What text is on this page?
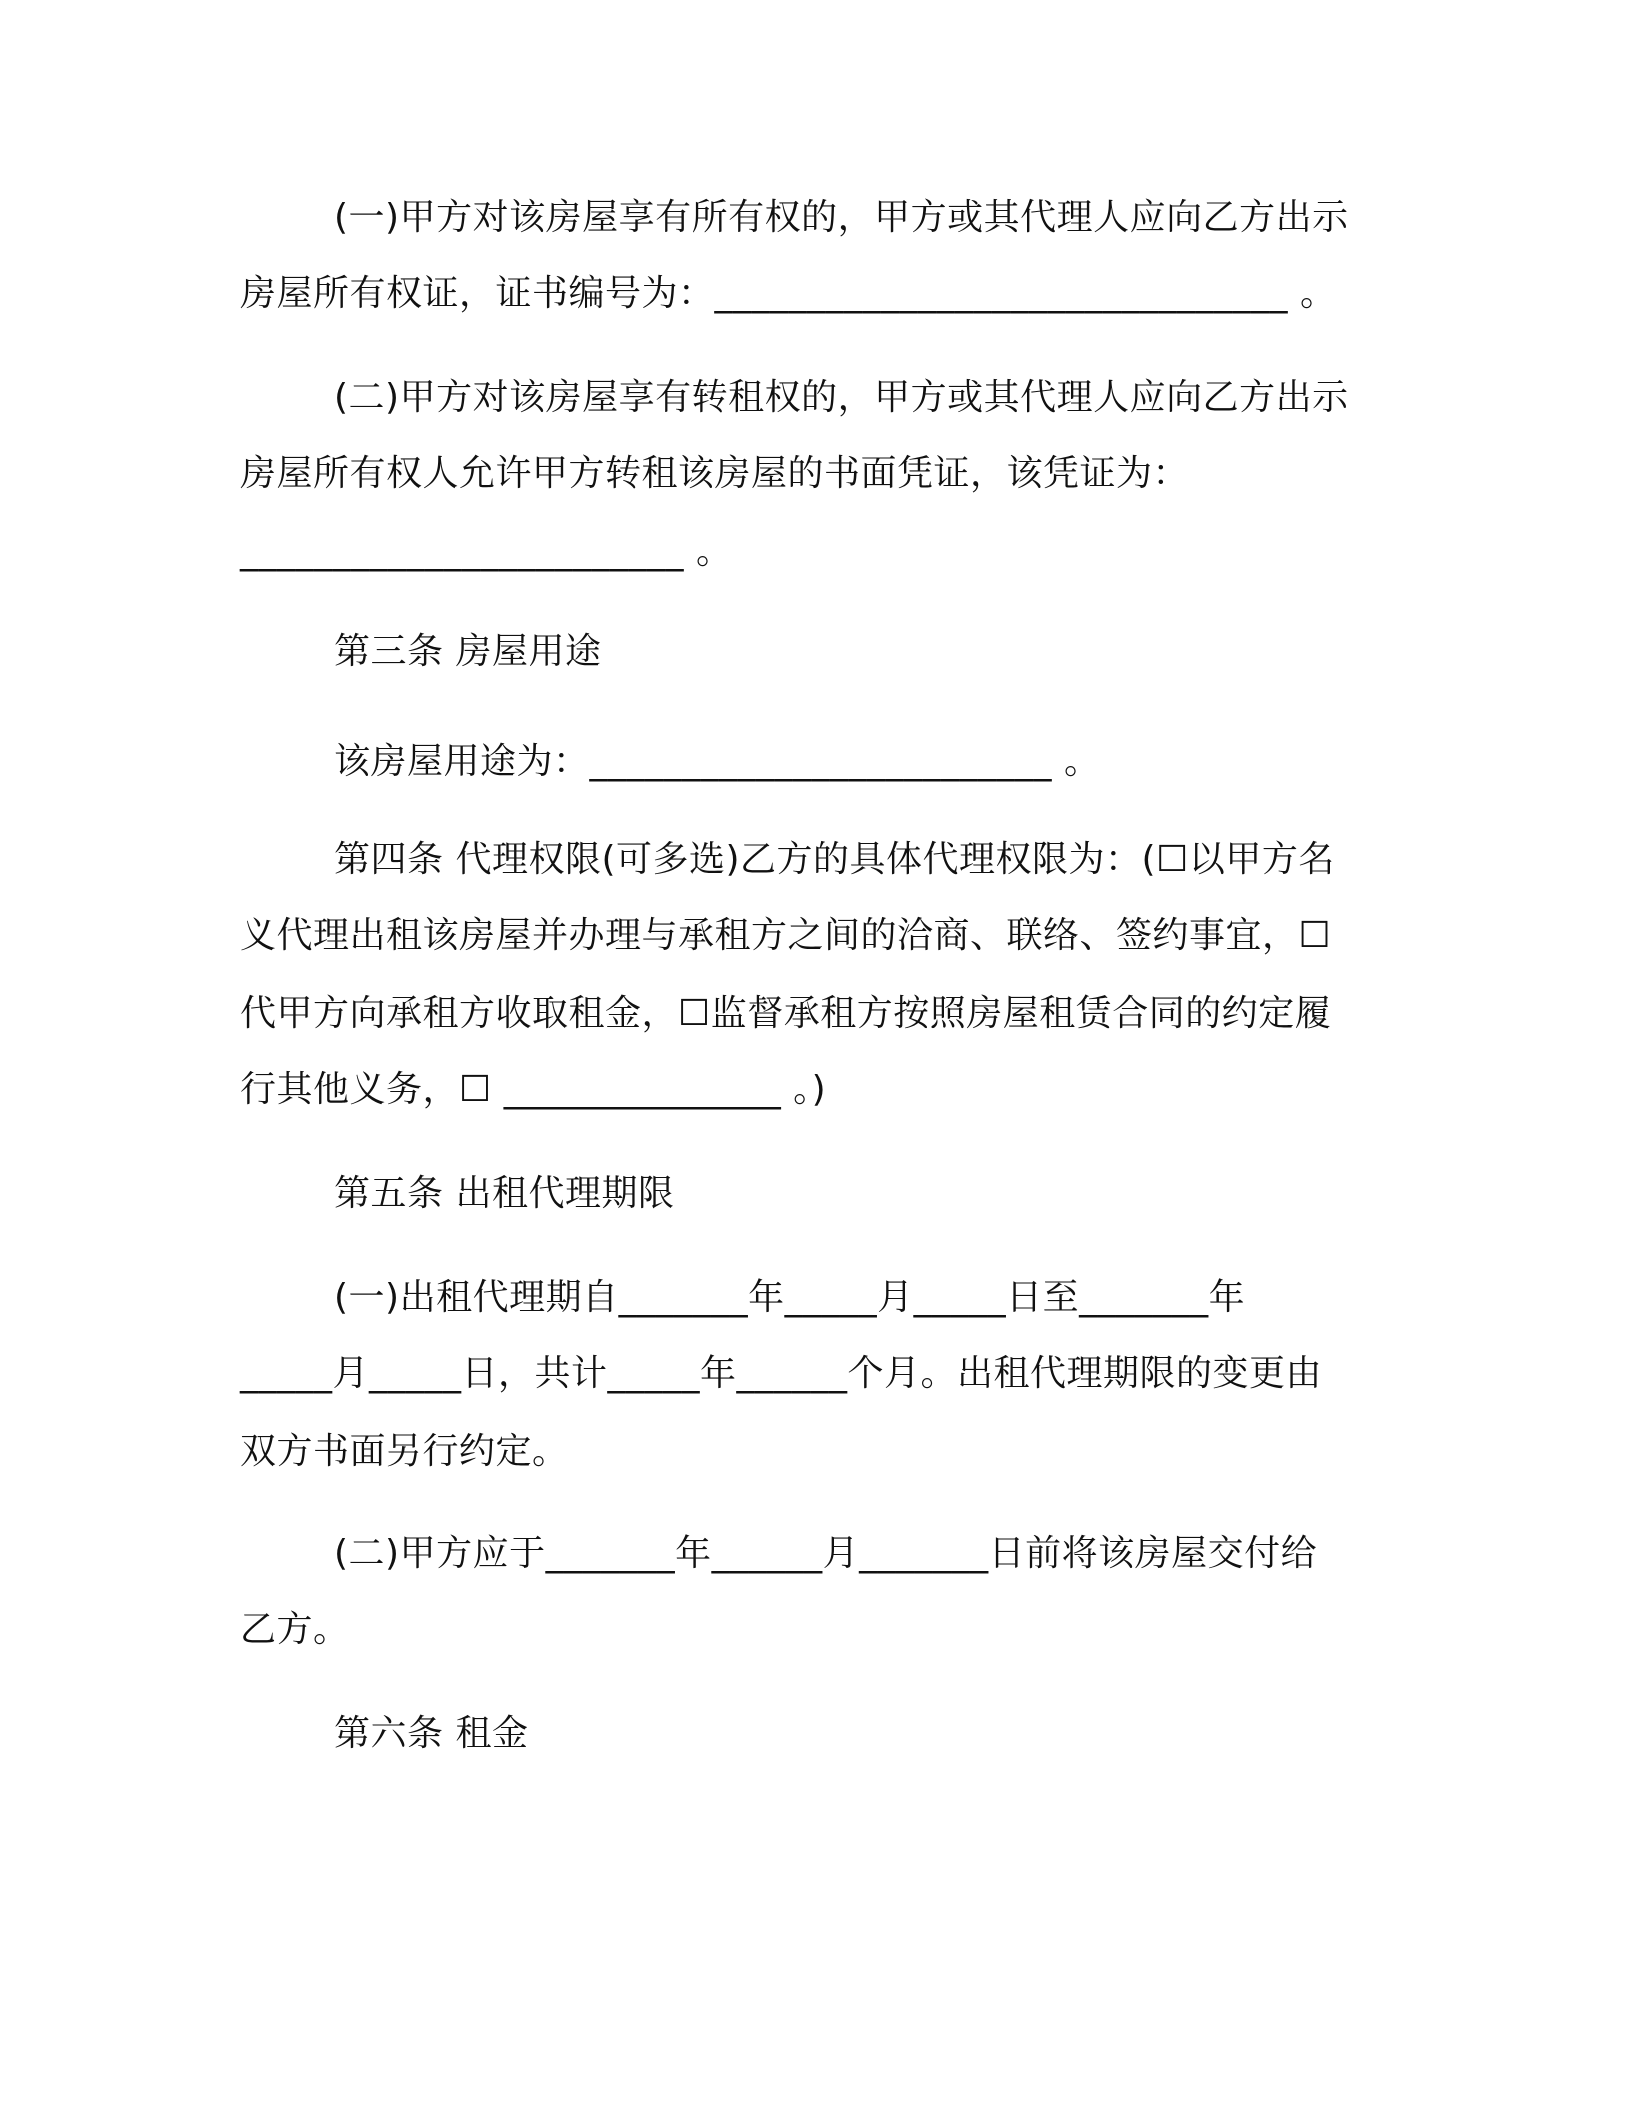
(一)甲方对该房屋享有所有权的，甲方或其代理人应向乙方出示
房屋所有权证，证书编号为：_______________________________ 。
(二)甲方对该房屋享有转租权的，甲方或其代理人应向乙方出示
房屋所有权人允许甲方转租该房屋的书面凭证，该凭证为：
________________________ 。
第三条 房屋用途
该房屋用途为：_________________________ 。
第四条 代理权限(可多选)乙方的具体代理权限为：(☐以甲方名
义代理出租该房屋并办理与承租方之间的洽商、联络、签约事宜，☐
代甲方向承租方收取租金，☐监督承租方按照房屋租赁合同的约定履
行其他义务，☐ _______________ 。)
第五条 出租代理期限
(一)出租代理期自_______年_____月_____日至_______年
_____月_____日，共计_____年______个月。出租代理期限的变更由
双方书面另行约定。
(二)甲方应于_______年______月_______日前将该房屋交付给
乙方。
第六条 租金
